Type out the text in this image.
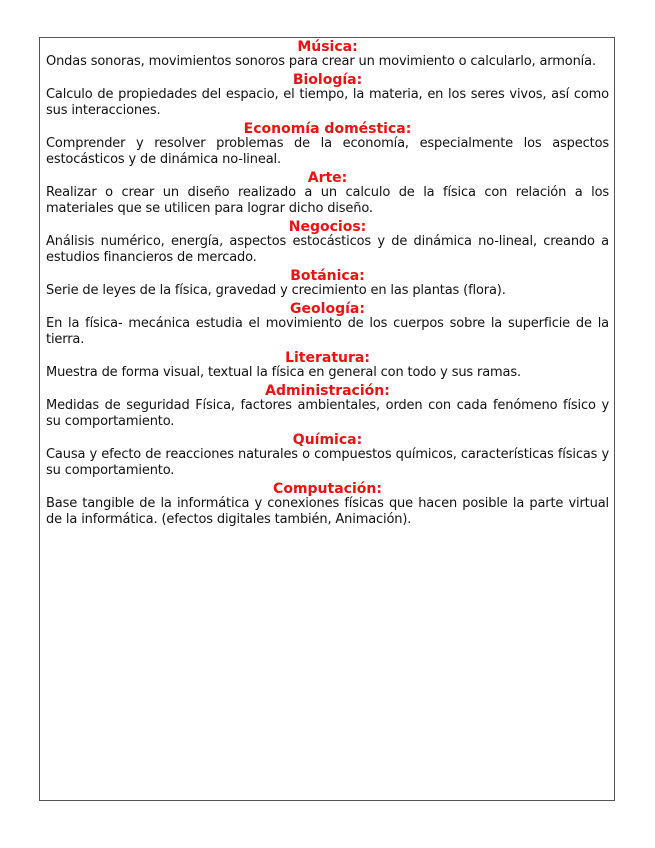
Música:
Ondas sonoras, movimientos sonoros para crear un movimiento o calcularlo, armonía.
Biología:
Calculo de propiedades del espacio, el tiempo, la materia, en los seres vivos, así como sus interacciones.
Economía doméstica:
Comprender y resolver problemas de la economía, especialmente los aspectos estocásticos y de dinámica no-lineal.
Arte:
Realizar o crear un diseño realizado a un calculo de la física con relación a los materiales que se utilicen para lograr dicho diseño.
Negocios:
Análisis numérico, energía, aspectos estocásticos y de dinámica no-lineal, creando a estudios financieros de mercado.
Botánica:
Serie de leyes de la física, gravedad y crecimiento en las plantas (flora).
Geología:
En la física- mecánica estudia el movimiento de los cuerpos sobre la superficie de la tierra.
Literatura:
Muestra de forma visual, textual la física en general con todo y sus ramas.
Administración:
Medidas de seguridad Física, factores ambientales, orden con cada fenómeno físico y su comportamiento.
Química:
Causa y efecto de reacciones naturales o compuestos químicos, características físicas y su comportamiento.
Computación:
Base tangible de la informática y conexiones físicas que hacen posible la parte virtual de la informática. (efectos digitales también, Animación).
